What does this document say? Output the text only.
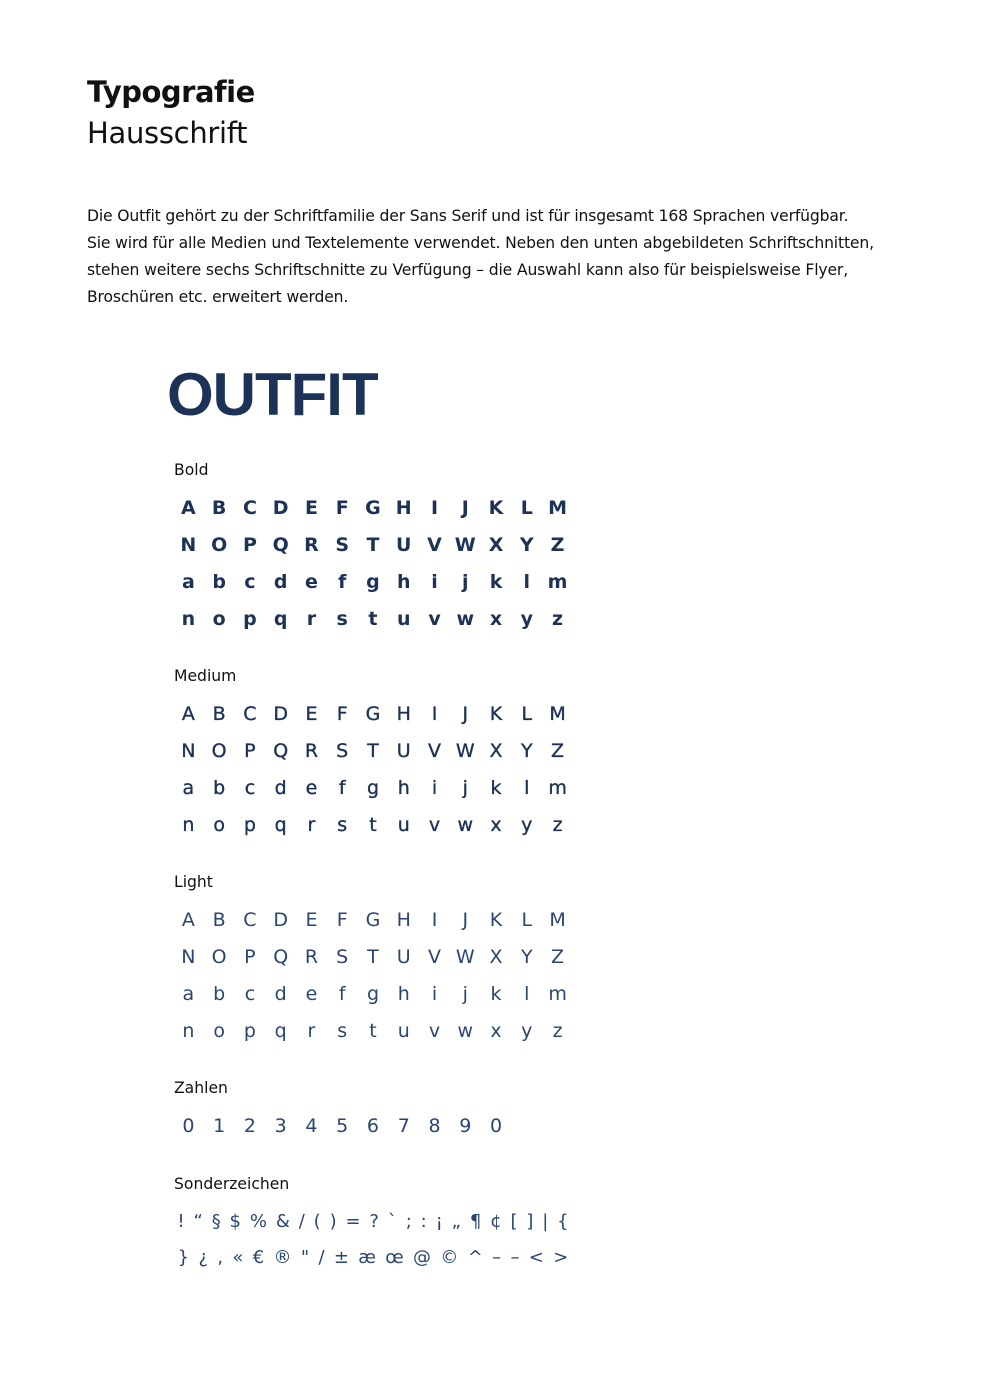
Typografie
Hausschrift

Die Outfit gehört zu der Schriftfamilie der Sans Serif und ist für insgesamt 168 Sprachen verfügbar.

Sie wird für alle Medien und Textelemente verwendet. Neben den unten abgebildeten Schriftschnitten,

stehen weitere sechs Schriftschnitte zu Verfügung – die Auswahl kann also für beispielsweise Flyer,

Broschüren etc. erweitert werden.

OUTFIT
Bold
A B C D E F G H	I	J	K L M
N O P Q R S T U V W X Y Z
a b c d e	f	g h	i	j	k	l m
n o p q	r	s	t	u v w x y	z
Medium
A B C D E	F G H	I	J	K	L M
N O P Q R S T U V W X Y Z
a b	c	d e	f	g h	i	j	k	l m
n o p q	r	s	t	u	v w x	y	z
Light
A B C D E	F G H	I	J	K	L M
N O P Q R S T U V W X Y Z
a b	c	d e	f	g h	i	j	k	l m
n o p q	r	s	t	u	v w x	y	z
Zahlen
0 1 2 3 4 5 6 7 8 9 0
Sonderzeichen
! “ § $ % & / ( ) = ? ` ; : ¡ „ ¶ ¢ [ ] | {
} ¿ , « € ® " / ± æ œ @ © ^ – – < >
